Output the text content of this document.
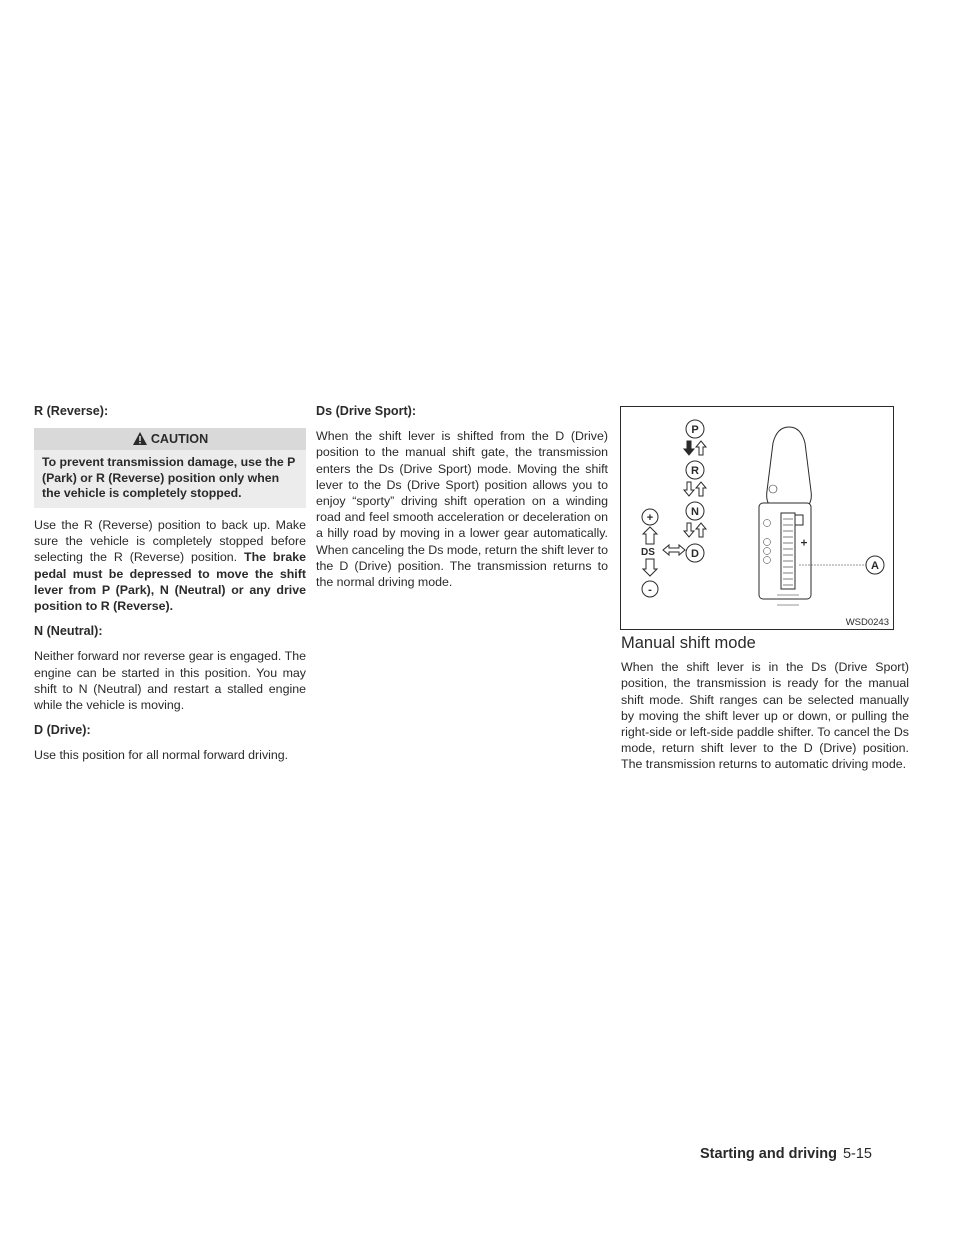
R (Reverse):
CAUTION
To prevent transmission damage, use the P (Park) or R (Reverse) position only when the vehicle is completely stopped.

Use the R (Reverse) position to back up. Make sure the vehicle is completely stopped before selecting the R (Reverse) position. The brake pedal must be depressed to move the shift lever from P (Park), N (Neutral) or any drive position to R (Reverse).

N (Neutral):

Neither forward nor reverse gear is engaged. The engine can be started in this position. You may shift to N (Neutral) and restart a stalled engine while the vehicle is moving.

D (Drive):

Use this position for all normal forward driving.

Ds (Drive Sport):

When the shift lever is shifted from the D (Drive) position to the manual shift gate, the transmission enters the Ds (Drive Sport) mode. Moving the shift lever to the Ds (Drive Sport) position allows you to enjoy “sporty” driving shift operation on a winding road and feel smooth acceleration or deceleration on a hilly road by moving in a lower gear automatically. When canceling the Ds mode, return the shift lever to the D (Drive) position. The transmission returns to the normal driving mode.

P
R
N
D
+
-
A
DS
WSD0243
Manual shift mode

When the shift lever is in the Ds (Drive Sport) position, the transmission is ready for the manual shift mode. Shift ranges can be selected manually by moving the shift lever up or down, or pulling the right-side or left-side paddle shifter. To cancel the Ds mode, return shift lever to the D (Drive) position. The transmission returns to automatic driving mode.

Starting and driving 5-15
